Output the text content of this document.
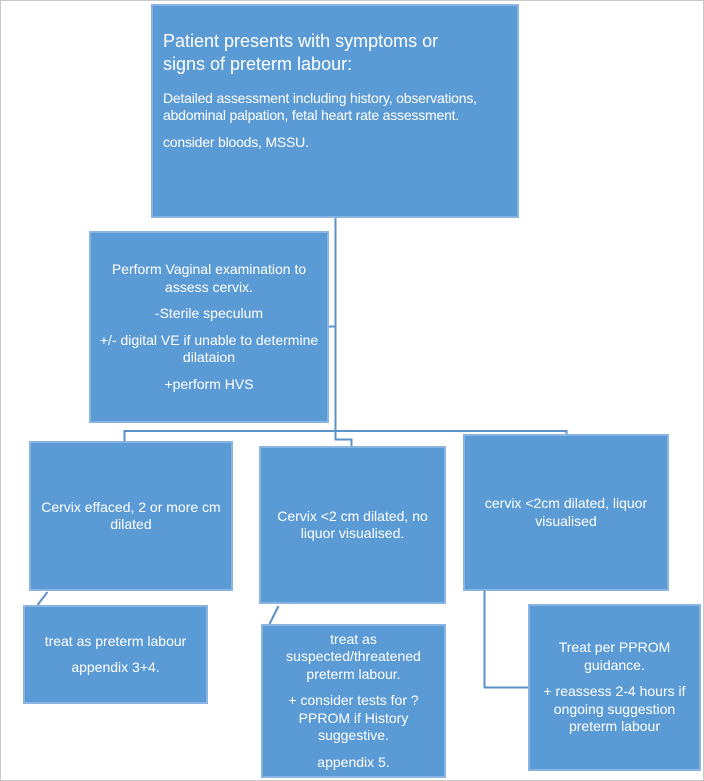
Patient presents with symptoms or signs of preterm labour:
Detailed assessment including history, observations, abdominal palpation, fetal heart rate assessment.
consider bloods, MSSU.
Perform Vaginal examination to assess cervix.
-Sterile speculum
+/- digital VE if unable to determine dilataion
+perform HVS
Cervix effaced, 2 or more cm dilated
Cervix <2 cm dilated, no liquor visualised.
cervix <2cm dilated, liquor visualised
treat as preterm labour
appendix 3+4.
treat as suspected/threatened preterm labour.
+ consider tests for ?PPROM if History suggestive.
appendix 5.
Treat per PPROM guidance.
+ reassess 2-4 hours if ongoing suggestion preterm labour
